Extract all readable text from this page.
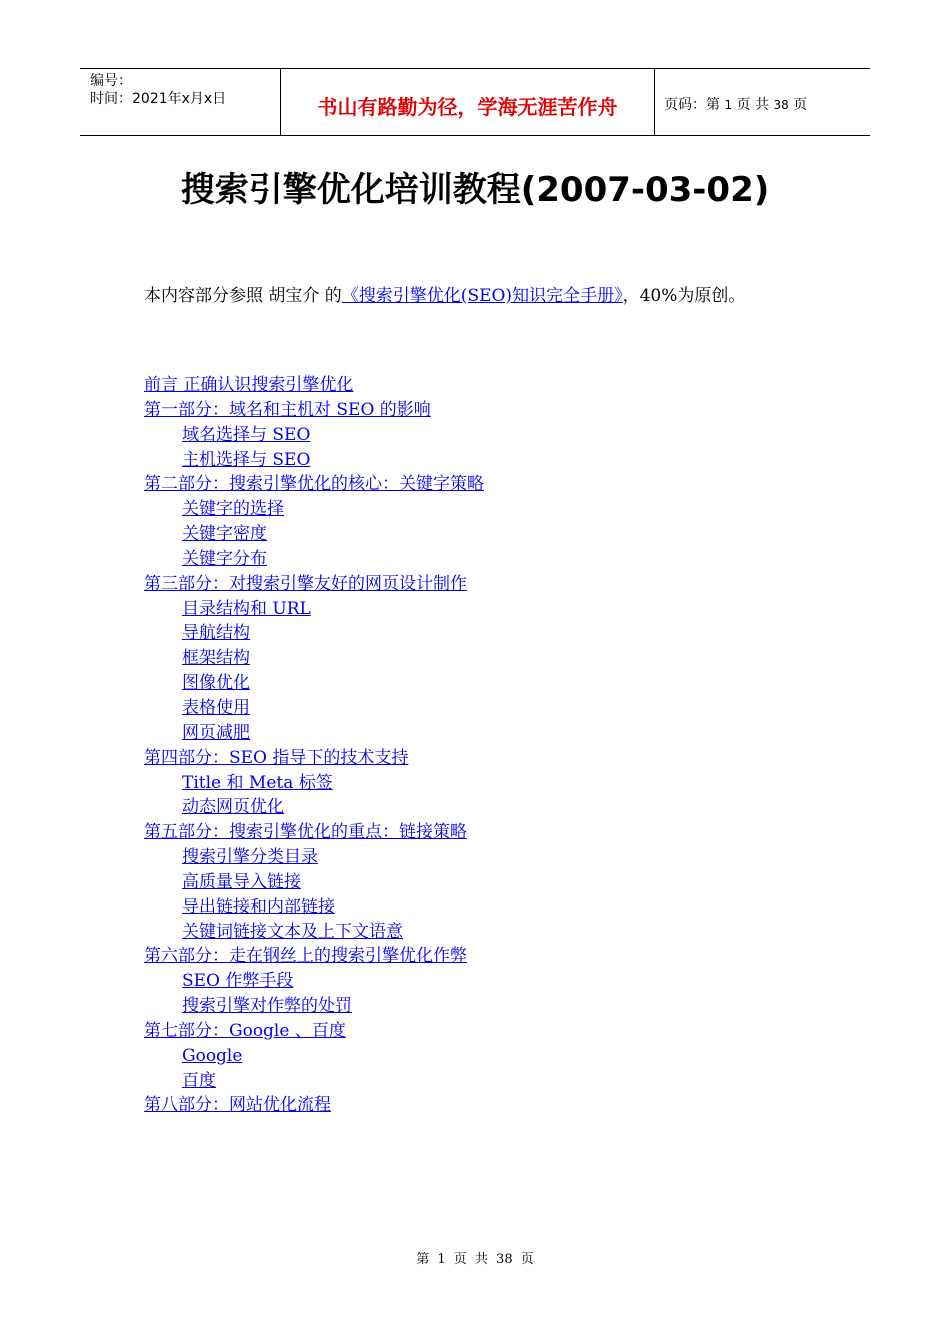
编号：
时间：2021年x月x日	书山有路勤为径，学海无涯苦作舟	页码：第 1 页 共 38 页
搜索引擎优化培训教程(2007-03-02)
本内容部分参照 胡宝介 的《搜索引擎优化(SEO)知识完全手册》，40%为原创。
前言 正确认识搜索引擎优化
第一部分：域名和主机对 SEO 的影响
域名选择与 SEO
主机选择与 SEO
第二部分：搜索引擎优化的核心：关键字策略
关键字的选择
关键字密度
关键字分布
第三部分：对搜索引擎友好的网页设计制作
目录结构和 URL
导航结构
框架结构
图像优化
表格使用
网页减肥
第四部分：SEO 指导下的技术支持
Title 和 Meta 标签
动态网页优化
第五部分：搜索引擎优化的重点：链接策略
搜索引擎分类目录
高质量导入链接
导出链接和内部链接
关键词链接文本及上下文语意
第六部分：走在钢丝上的搜索引擎优化作弊
SEO 作弊手段
搜索引擎对作弊的处罚
第七部分：Google 、百度
Google
百度
第八部分：网站优化流程
第 1 页 共 38 页
